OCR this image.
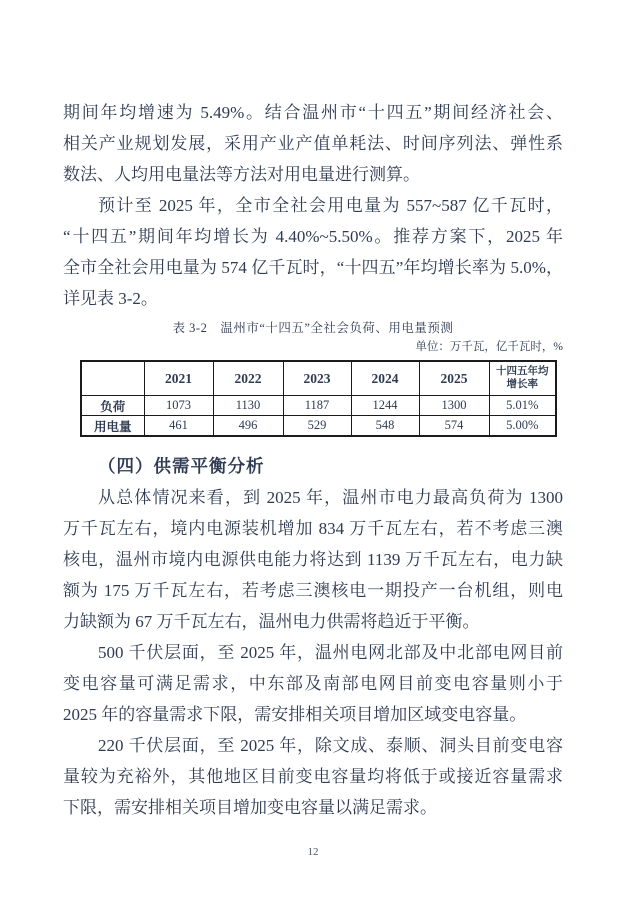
期间年均增速为 5.49%。结合温州市“十四五”期间经济社会、
相关产业规划发展，采用产业产值单耗法、时间序列法、弹性系
数法、人均用电量法等方法对用电量进行测算。
预计至 2025 年，全市全社会用电量为 557~587 亿千瓦时，
“十四五”期间年均增长为 4.40%~5.50%。推荐方案下，2025 年
全市全社会用电量为 574 亿千瓦时，“十四五”年均增长率为 5.0%，
详见表 3-2。
表 3-2　温州市“十四五”全社会负荷、用电量预测
单位：万千瓦，亿千瓦时，%
	2021	2022	2023	2024	2025	十四五年均增长率
负荷	1073	1130	1187	1244	1300	5.01%
用电量	461	496	529	548	574	5.00%
（四）供需平衡分析
从总体情况来看，到 2025 年，温州市电力最高负荷为 1300
万千瓦左右，境内电源装机增加 834 万千瓦左右，若不考虑三澳
核电，温州市境内电源供电能力将达到 1139 万千瓦左右，电力缺
额为 175 万千瓦左右，若考虑三澳核电一期投产一台机组，则电
力缺额为 67 万千瓦左右，温州电力供需将趋近于平衡。
500 千伏层面，至 2025 年，温州电网北部及中北部电网目前
变电容量可满足需求，中东部及南部电网目前变电容量则小于
2025 年的容量需求下限，需安排相关项目增加区域变电容量。
220 千伏层面，至 2025 年，除文成、泰顺、洞头目前变电容
量较为充裕外，其他地区目前变电容量均将低于或接近容量需求
下限，需安排相关项目增加变电容量以满足需求。
12
